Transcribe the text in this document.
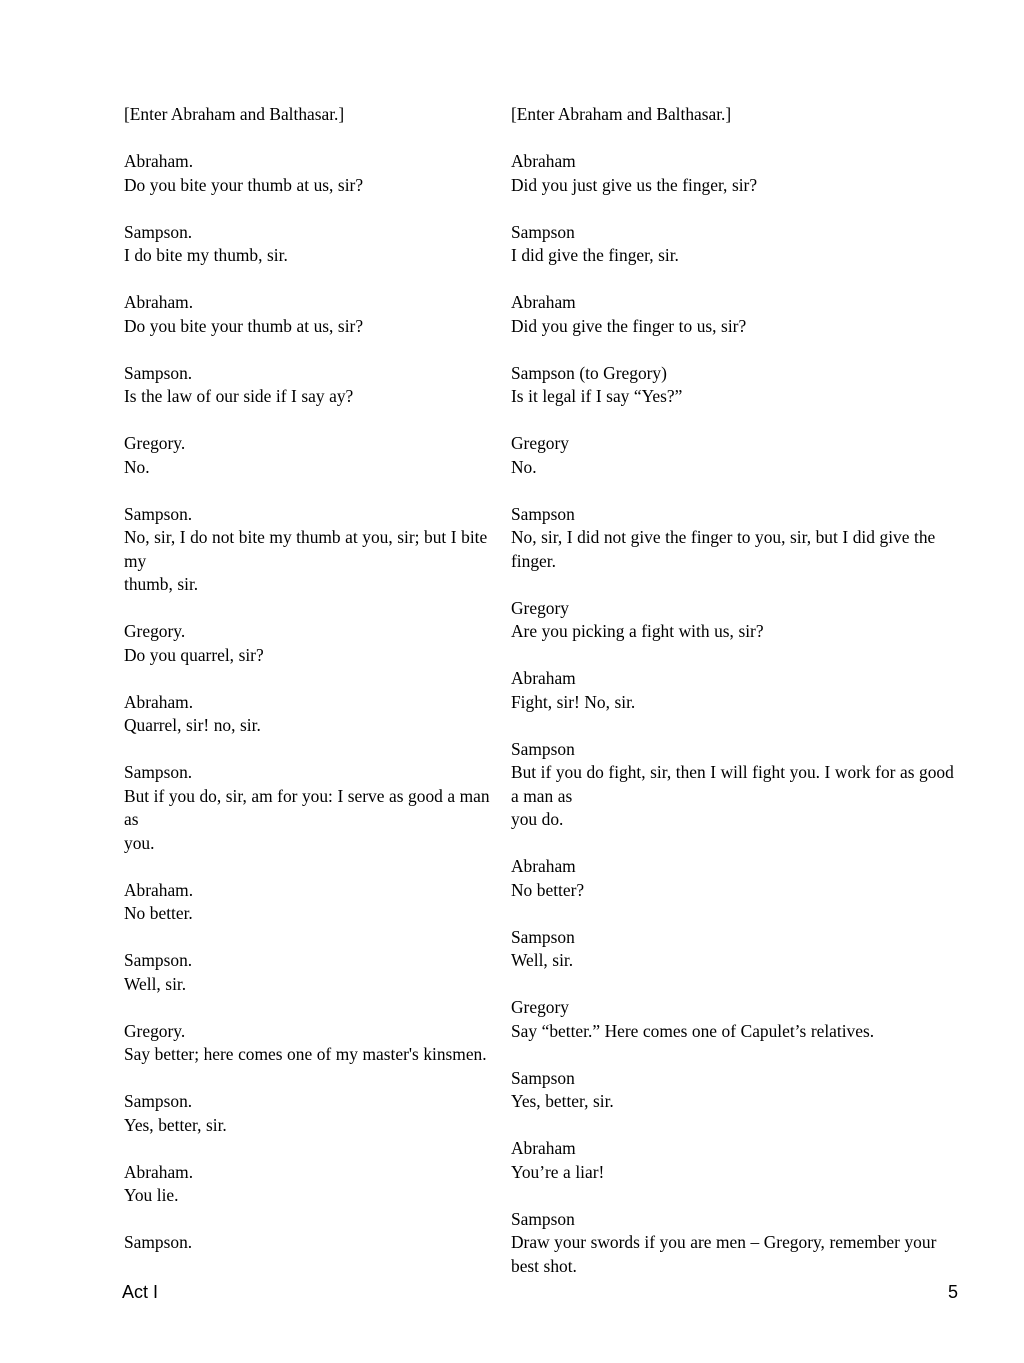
[Enter Abraham and Balthasar.]
Abraham.
Do you bite your thumb at us, sir?
Sampson.
I do bite my thumb, sir.
Abraham.
Do you bite your thumb at us, sir?
Sampson.
Is the law of our side if I say ay?
Gregory.
No.
Sampson.
No, sir, I do not bite my thumb at you, sir; but I bite my
thumb, sir.
Gregory.
Do you quarrel, sir?
Abraham.
Quarrel, sir! no, sir.
Sampson.
But if you do, sir, am for you: I serve as good a man as
you.
Abraham.
No better.
Sampson.
Well, sir.
Gregory.
Say better; here comes one of my master's kinsmen.
Sampson.
Yes, better, sir.
Abraham.
You lie.
Sampson.
[Enter Abraham and Balthasar.]
Abraham
Did you just give us the finger, sir?
Sampson
I did give the finger, sir.
Abraham
Did you give the finger to us, sir?
Sampson (to Gregory)
Is it legal if I say “Yes?”
Gregory
No.
Sampson
No, sir, I did not give the finger to you, sir, but I did give the finger.
Gregory
Are you picking a fight with us, sir?
Abraham
Fight, sir! No, sir.
Sampson
But if you do fight, sir, then I will fight you. I work for as good a man as
you do.
Abraham
No better?
Sampson
Well, sir.
Gregory
Say “better.” Here comes one of Capulet’s relatives.
Sampson
Yes, better, sir.
Abraham
You’re a liar!
Sampson
Draw your swords if you are men – Gregory, remember your best shot.
Act I	5
